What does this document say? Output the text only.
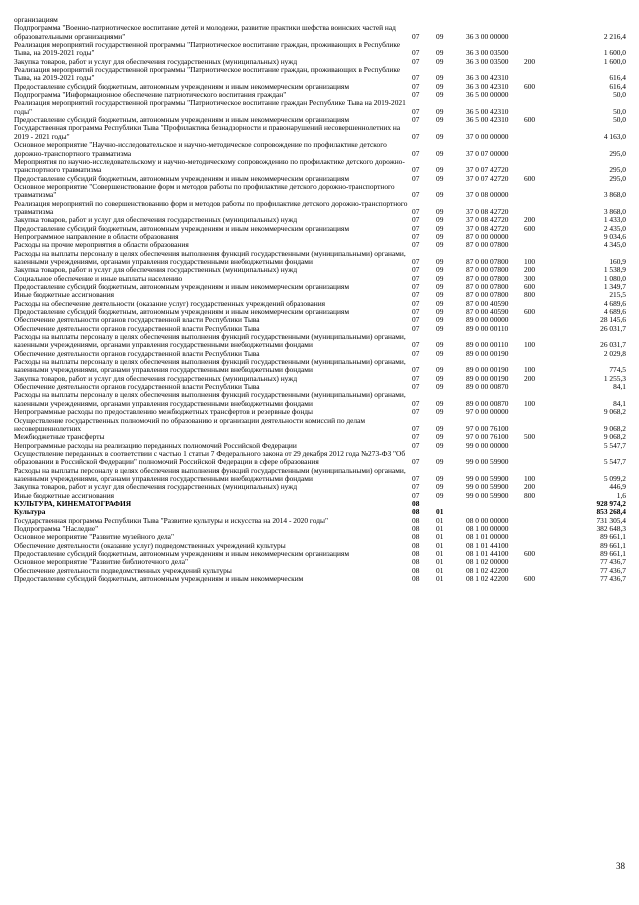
организациям					
Подпрограмма "Военно-патриотическое воспитание детей и молодежи, развитие практики шефства воинских частей над образовательными организациями"	07	09	36 3 00 00000		2 216,4
Реализация мероприятий государственной программы "Патриотическое воспитание граждан, проживающих в Республике Тыва, на 2019-2021 годы"	07	09	36 3 00 03500		1 600,0
Закупка товаров, работ и услуг для обеспечения государственных (муниципальных) нужд	07	09	36 3 00 03500	200	1 600,0
Реализация мероприятий государственной программы "Патриотическое воспитание граждан, проживающих в Республике Тыва, на 2019-2021 годы"	07	09	36 3 00 42310		616,4
Предоставление субсидий бюджетным, автономным учреждениям и иным некоммерческим организациям	07	09	36 3 00 42310	600	616,4
Подпрограмма "Информационное обеспечение патриотического воспитания граждан"	07	09	36 5 00 00000		50,0
Реализация мероприятий государственной программы "Патриотическое воспитание граждан Республике Тыва на 2019-2021 годы"	07	09	36 5 00 42310		50,0
Предоставление субсидий бюджетным, автономным учреждениям и иным некоммерческим организациям	07	09	36 5 00 42310	600	50,0
Государственная программа Республики Тыва "Профилактика безнадзорности и правонарушений несовершеннолетних на 2019 - 2021 годы"	07	09	37 0 00 00000		4 163,0
Основное мероприятие "Научно-исследовательское и научно-методическое сопровождение по профилактике детского дорожно-транспортного травматизма	07	09	37 0 07 00000		295,0
Мероприятия по научно-исследовательскому и научно-методическому сопровождению по профилактике детского дорожно-транспортного травматизма	07	09	37 0 07 42720		295,0
Предоставление субсидий бюджетным, автономным учреждениям и иным некоммерческим организациям	07	09	37 0 07 42720	600	295,0
Основное мероприятие "Совершенствование форм и методов работы по профилактике детского дорожно-транспортного травматизма"	07	09	37 0 08 00000		3 868,0
Реализация мероприятий по совершенствованию форм и методов работы по профилактике детского дорожно-транспортного травматизма	07	09	37 0 08 42720		3 868,0
Закупка товаров, работ и услуг для обеспечения государственных (муниципальных) нужд	07	09	37 0 08 42720	200	1 433,0
Предоставление субсидий бюджетным, автономным учреждениям и иным некоммерческим организациям	07	09	37 0 08 42720	600	2 435,0
Непрограммное направление в области образования	07	09	87 0 00 00000		9 034,6
Расходы на прочие мероприятия в области образования	07	09	87 0 00 07800		4 345,0
Расходы на выплаты персоналу в целях обеспечения выполнения функций государственными (муниципальными) органами, казенными учреждениями, органами управления государственными внебюджетными фондами	07	09	87 0 00 07800	100	160,9
Закупка товаров, работ и услуг для обеспечения государственных (муниципальных) нужд	07	09	87 0 00 07800	200	1 538,9
Социальное обеспечение и иные выплаты населению	07	09	87 0 00 07800	300	1 080,0
Предоставление субсидий бюджетным, автономным учреждениям и иным некоммерческим организациям	07	09	87 0 00 07800	600	1 349,7
Иные бюджетные ассигнования	07	09	87 0 00 07800	800	215,5
Расходы на обеспечение деятельности (оказание услуг) государственных учреждений образования	07	09	87 0 00 40590		4 689,6
Предоставление субсидий бюджетным, автономным учреждениям и иным некоммерческим организациям	07	09	87 0 00 40590	600	4 689,6
Обеспечение деятельности органов государственной власти Республики Тыва	07	09	89 0 00 00000		28 145,6
Обеспечение деятельности органов государственной власти Республики Тыва	07	09	89 0 00 00110		26 031,7
Расходы на выплаты персоналу в целях обеспечения выполнения функций государственными (муниципальными) органами, казенными учреждениями, органами управления государственными внебюджетными фондами	07	09	89 0 00 00110	100	26 031,7
Обеспечение деятельности органов государственной власти Республики Тыва	07	09	89 0 00 00190		2 029,8
Расходы на выплаты персоналу в целях обеспечения выполнения функций государственными (муниципальными) органами, казенными учреждениями, органами управления государственными внебюджетными фондами	07	09	89 0 00 00190	100	774,5
Закупка товаров, работ и услуг для обеспечения государственных (муниципальных) нужд	07	09	89 0 00 00190	200	1 255,3
Обеспечение деятельности органов государственной власти Республики Тыва	07	09	89 0 00 00870		84,1
Расходы на выплаты персоналу в целях обеспечения выполнения функций государственными (муниципальными) органами, казенными учреждениями, органами управления государственными внебюджетными фондами	07	09	89 0 00 00870	100	84,1
Непрограммные расходы по предоставлению межбюджетных трансфертов и резервные фонды	07	09	97 0 00 00000		9 068,2
Осуществление государственных полномочий по образованию и организации деятельности комиссий по делам несовершеннолетних	07	09	97 0 00 76100		9 068,2
Межбюджетные трансферты	07	09	97 0 00 76100	500	9 068,2
Непрограммные расходы на реализацию переданных полномочий Российской Федерации	07	09	99 0 00 00000		5 547,7
Осуществление переданных в соответствии с частью 1 статьи 7 Федерального закона от 29 декабря 2012 года №273-ФЗ "Об образовании в Российской Федерации" полномочий Российской Федерации в сфере образования	07	09	99 0 00 59900		5 547,7
Расходы на выплаты персоналу в целях обеспечения выполнения функций государственными (муниципальными) органами, казенными учреждениями, органами управления государственными внебюджетными фондами	07	09	99 0 00 59900	100	5 099,2
Закупка товаров, работ и услуг для обеспечения государственных (муниципальных) нужд	07	09	99 0 00 59900	200	446,9
Иные бюджетные ассигнования	07	09	99 0 00 59900	800	1,6
КУЛЬТУРА, КИНЕМАТОГРАФИЯ	08				928 974,2
Культура	08	01			853 268,4
Государственная программа Республики Тыва "Развитие культуры и искусства на 2014 - 2020 годы"	08	01	08 0 00 00000		731 305,4
Подпрограмма "Наследие"	08	01	08 1 00 00000		382 648,3
Основное мероприятие "Развитие музейного дела"	08	01	08 1 01 00000		89 661,1
Обеспечение деятельности (оказание услуг) подведомственных учреждений культуры	08	01	08 1 01 44100		89 661,1
Предоставление субсидий бюджетным, автономным учреждениям и иным некоммерческим организациям	08	01	08 1 01 44100	600	89 661,1
Основное мероприятие "Развитие библиотечного дела"	08	01	08 1 02 00000		77 436,7
Обеспечение деятельности подведомственных учреждений культуры	08	01	08 1 02 42200		77 436,7
Предоставление субсидий бюджетным, автономным учреждениям и иным некоммерческим	08	01	08 1 02 42200	600	77 436,7
38
